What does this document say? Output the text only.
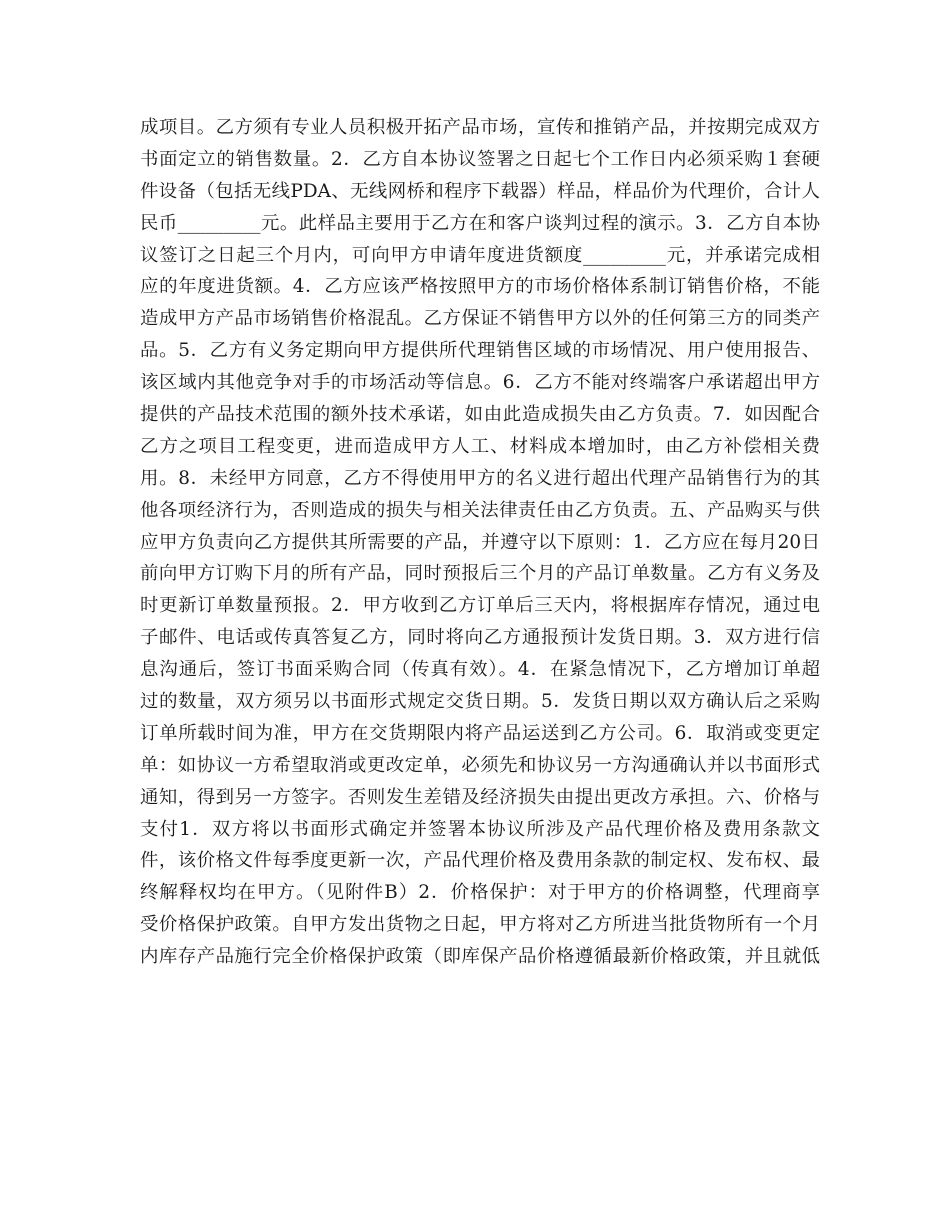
成项目。乙方须有专业人员积极开拓产品市场，宣传和推销产品，并按期完成双方
书面定立的销售数量。2．乙方自本协议签署之日起七个工作日内必须采购１套硬
件设备（包括无线PDA、无线网桥和程序下载器）样品，样品价为代理价，合计人
民币_________元。此样品主要用于乙方在和客户谈判过程的演示。3．乙方自本协
议签订之日起三个月内，可向甲方申请年度进货额度_________元，并承诺完成相
应的年度进货额。4．乙方应该严格按照甲方的市场价格体系制订销售价格，不能
造成甲方产品市场销售价格混乱。乙方保证不销售甲方以外的任何第三方的同类产
品。5．乙方有义务定期向甲方提供所代理销售区域的市场情况、用户使用报告、
该区域内其他竞争对手的市场活动等信息。6．乙方不能对终端客户承诺超出甲方
提供的产品技术范围的额外技术承诺，如由此造成损失由乙方负责。7．如因配合
乙方之项目工程变更，进而造成甲方人工、材料成本增加时，由乙方补偿相关费
用。8．未经甲方同意，乙方不得使用甲方的名义进行超出代理产品销售行为的其
他各项经济行为，否则造成的损失与相关法律责任由乙方负责。五、产品购买与供
应甲方负责向乙方提供其所需要的产品，并遵守以下原则：1．乙方应在每月20日
前向甲方订购下月的所有产品，同时预报后三个月的产品订单数量。乙方有义务及
时更新订单数量预报。2．甲方收到乙方订单后三天内，将根据库存情况，通过电
子邮件、电话或传真答复乙方，同时将向乙方通报预计发货日期。3．双方进行信
息沟通后，签订书面采购合同（传真有效）。4．在紧急情况下，乙方增加订单超
过的数量，双方须另以书面形式规定交货日期。5．发货日期以双方确认后之采购
订单所载时间为准，甲方在交货期限内将产品运送到乙方公司。6．取消或变更定
单：如协议一方希望取消或更改定单，必须先和协议另一方沟通确认并以书面形式
通知，得到另一方签字。否则发生差错及经济损失由提出更改方承担。六、价格与
支付1．双方将以书面形式确定并签署本协议所涉及产品代理价格及费用条款文
件，该价格文件每季度更新一次，产品代理价格及费用条款的制定权、发布权、最
终解释权均在甲方。（见附件B）2．价格保护：对于甲方的价格调整，代理商享
受价格保护政策。自甲方发出货物之日起，甲方将对乙方所进当批货物所有一个月
内库存产品施行完全价格保护政策（即库保产品价格遵循最新价格政策，并且就低
